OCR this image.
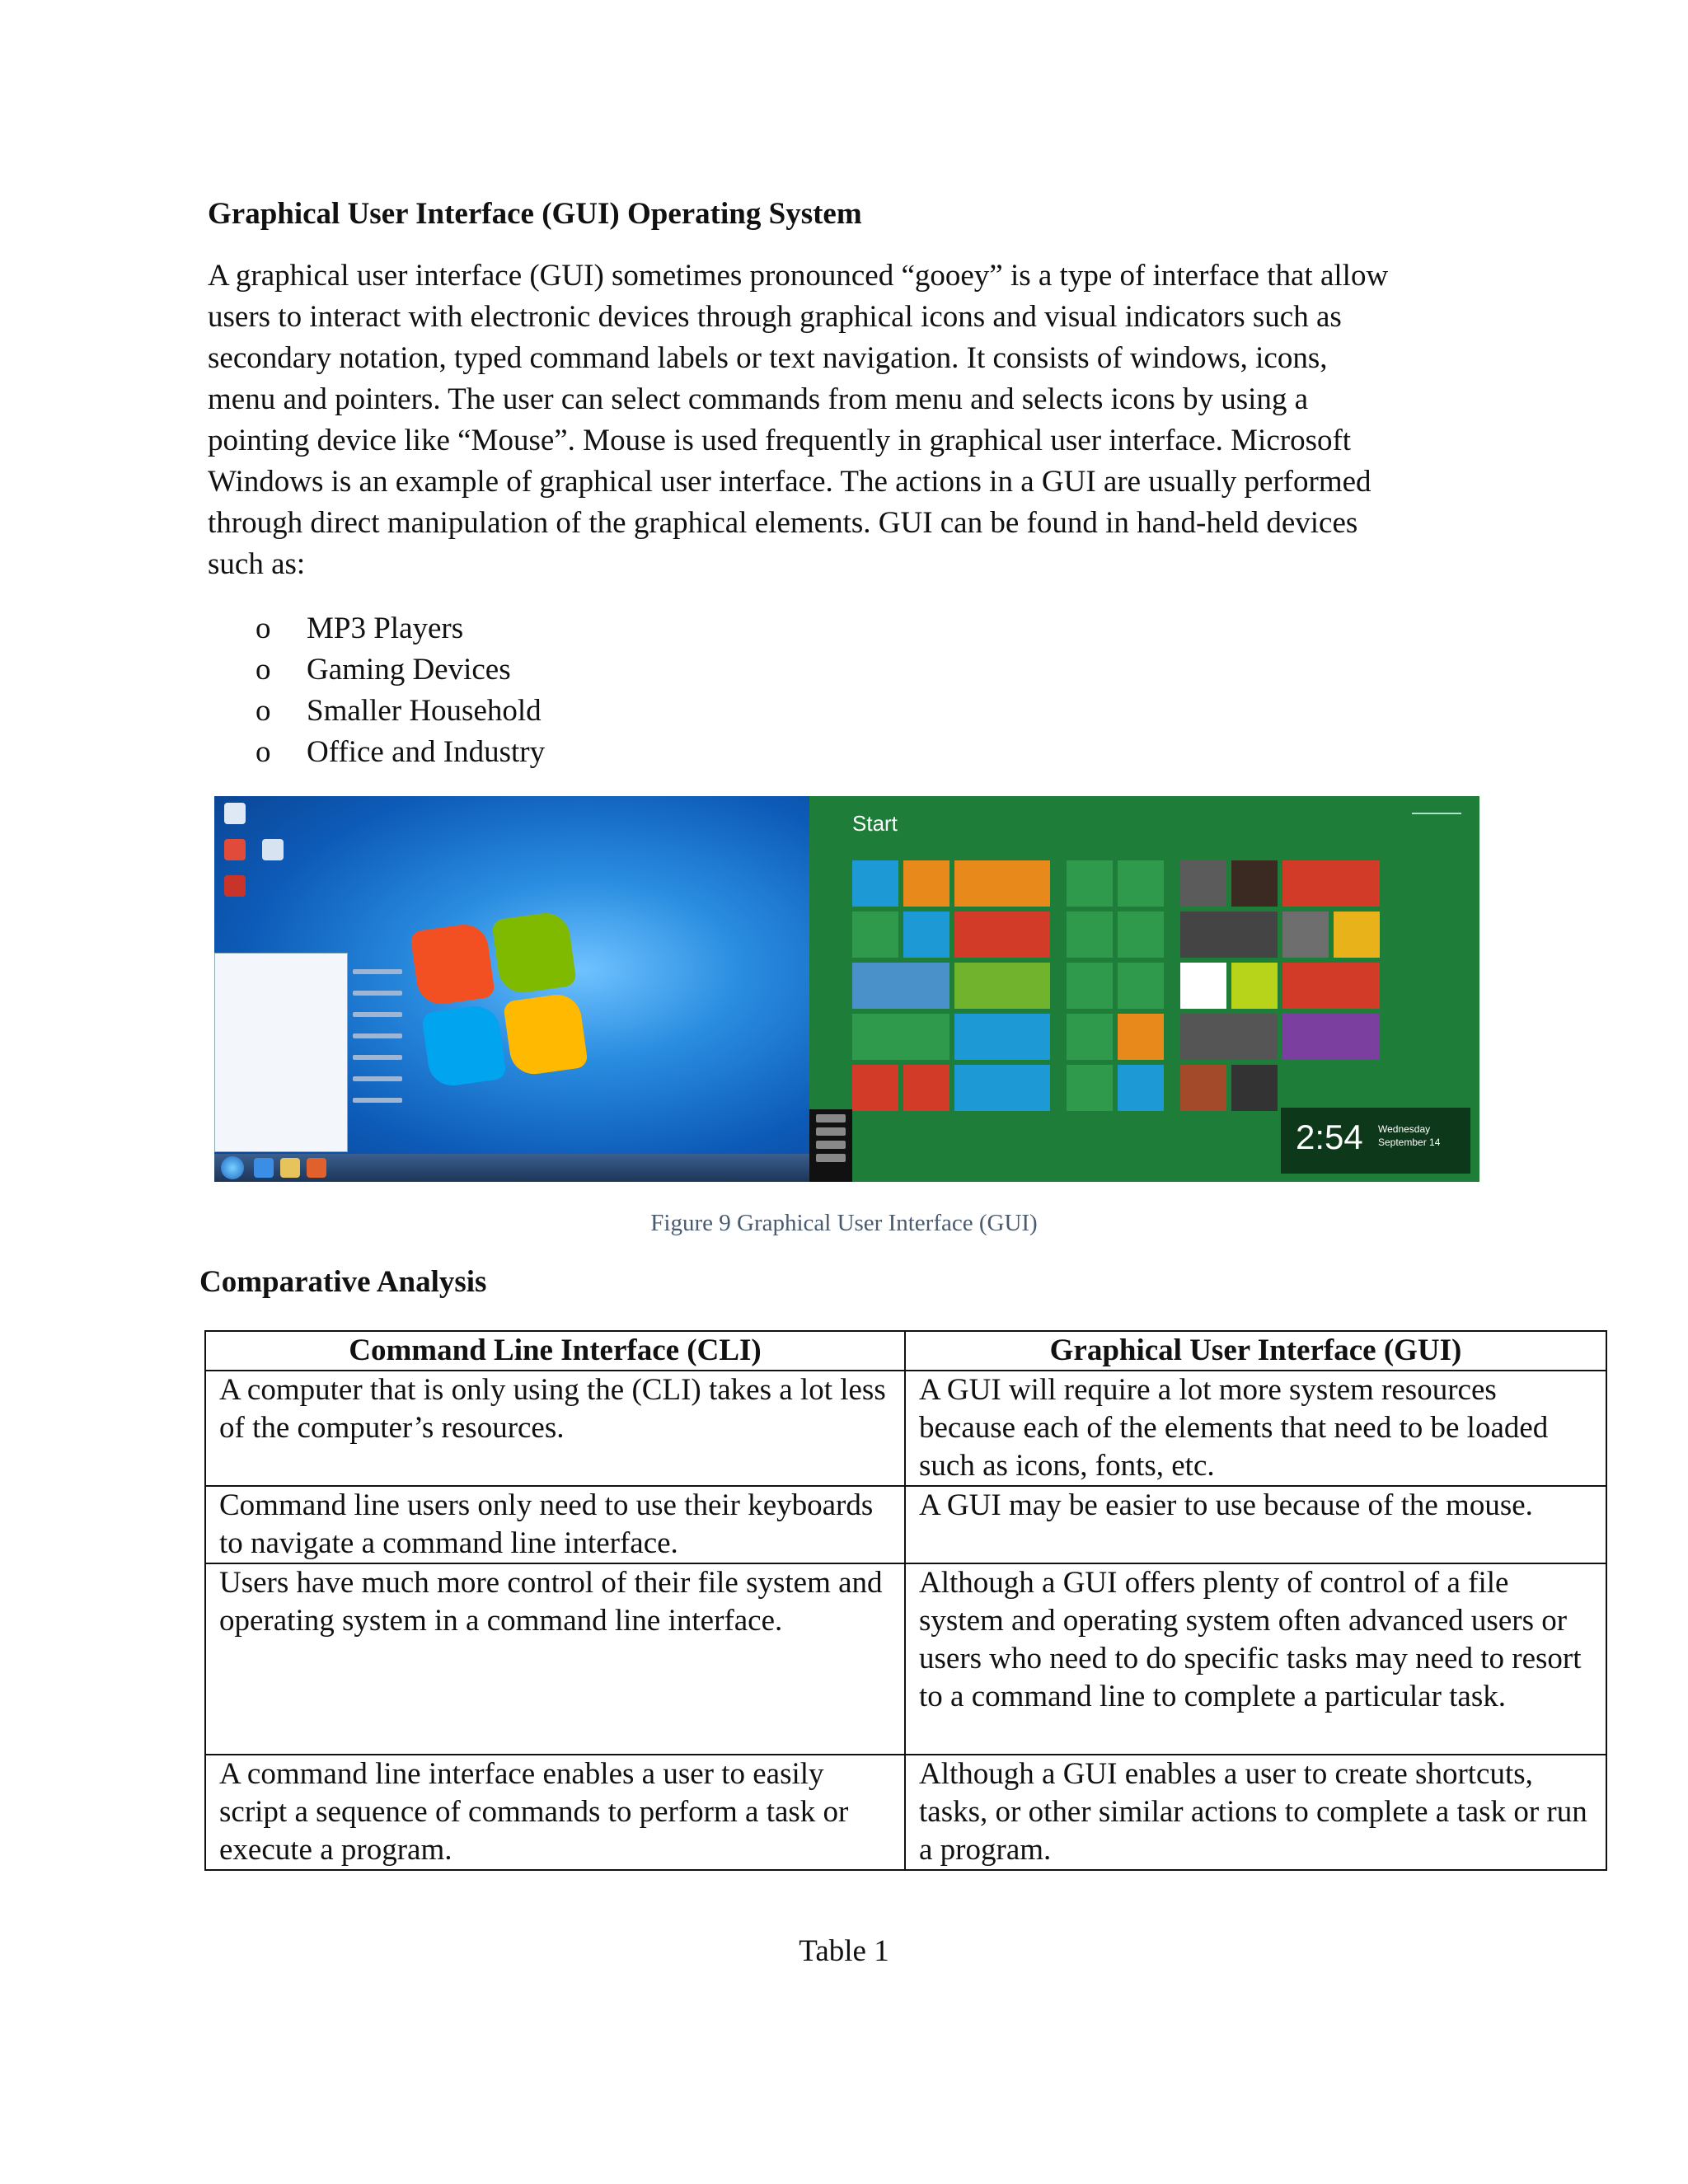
Graphical User Interface (GUI) Operating System

A graphical user interface (GUI) sometimes pronounced “gooey” is a type of interface that allow
users to interact with electronic devices through graphical icons and visual indicators such as
secondary notation, typed command labels or text navigation. It consists of windows, icons,
menu and pointers. The user can select commands from menu and selects icons by using a
pointing device like “Mouse”. Mouse is used frequently in graphical user interface. Microsoft
Windows is an example of graphical user interface. The actions in a GUI are usually performed
through direct manipulation of the graphical elements. GUI can be found in hand-held devices
such as:

o	MP3 Players
o	Gaming Devices
o	Smaller Household
o	Office and Industry
Start
2:54 Wednesday
September 14
Figure 9 Graphical User Interface (GUI)
Comparative Analysis
Command Line Interface (CLI)	Graphical User Interface (GUI)
A computer that is only using the (CLI) takes a lot less of the computer’s resources.	A GUI will require a lot more system resources because each of the elements that need to be loaded such as icons, fonts, etc.
Command line users only need to use their keyboards to navigate a command line interface.	A GUI may be easier to use because of the mouse.
Users have much more control of their file system and operating system in a command line interface.	Although a GUI offers plenty of control of a file system and operating system often advanced users or users who need to do specific tasks may need to resort to a command line to complete a particular task.
A command line interface enables a user to easily script a sequence of commands to perform a task or execute a program.	Although a GUI enables a user to create shortcuts, tasks, or other similar actions to complete a task or run a program.
Table 1
